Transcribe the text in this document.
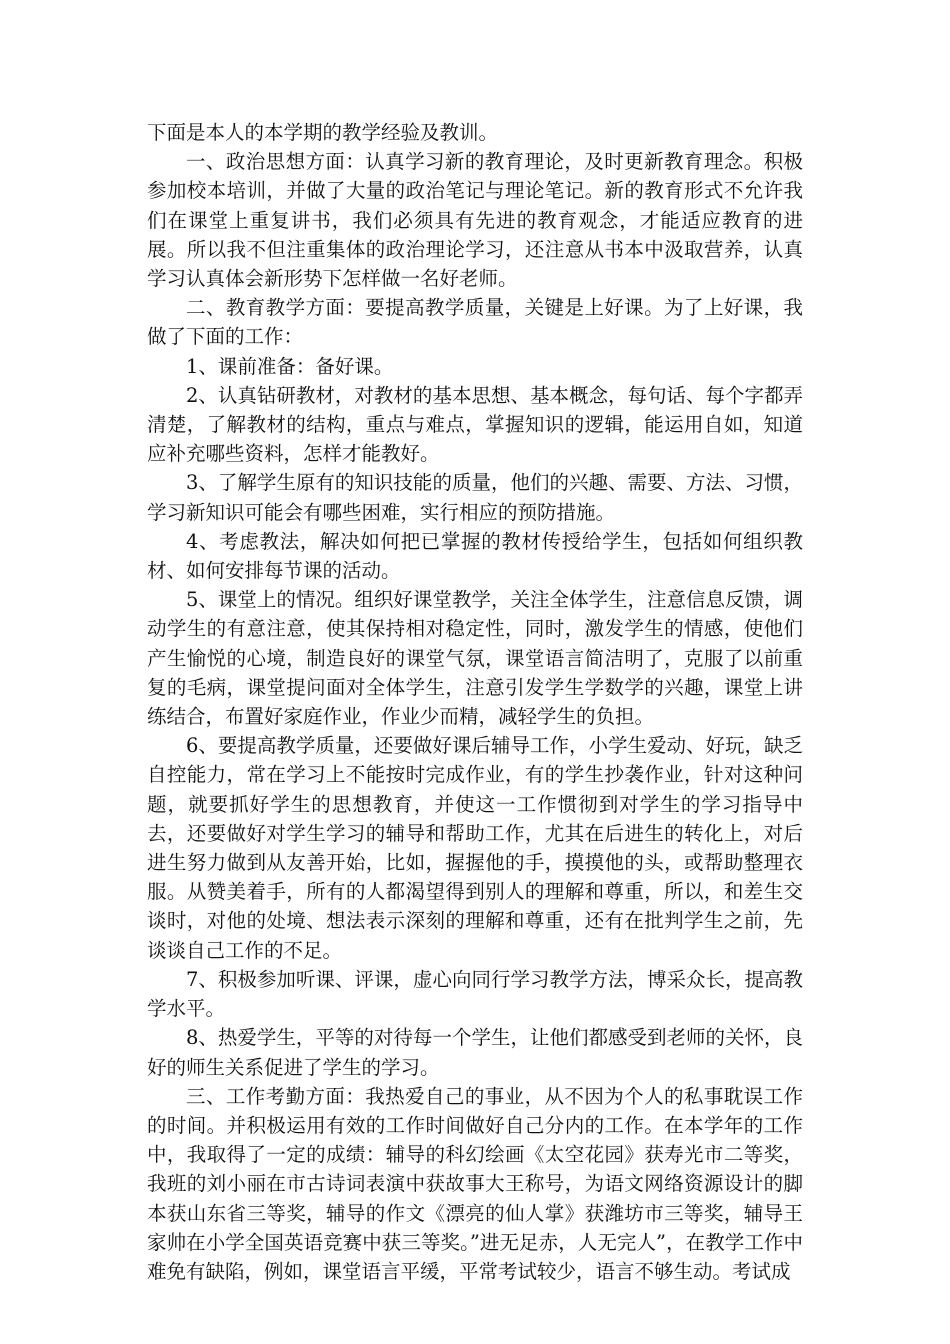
下面是本人的本学期的教学经验及教训。

一、政治思想方面：认真学习新的教育理论，及时更新教育理念。积极参加校本培训，并做了大量的政治笔记与理论笔记。新的教育形式不允许我们在课堂上重复讲书，我们必须具有先进的教育观念，才能适应教育的进展。所以我不但注重集体的政治理论学习，还注意从书本中汲取营养，认真学习认真体会新形势下怎样做一名好老师。

二、教育教学方面：要提高教学质量，关键是上好课。为了上好课，我做了下面的工作：

1、课前准备：备好课。

2、认真钻研教材，对教材的基本思想、基本概念，每句话、每个字都弄清楚，了解教材的结构，重点与难点，掌握知识的逻辑，能运用自如，知道应补充哪些资料，怎样才能教好。

3、了解学生原有的知识技能的质量，他们的兴趣、需要、方法、习惯，学习新知识可能会有哪些困难，实行相应的预防措施。

4、考虑教法，解决如何把已掌握的教材传授给学生，包括如何组织教材、如何安排每节课的活动。

5、课堂上的情况。组织好课堂教学，关注全体学生，注意信息反馈，调动学生的有意注意，使其保持相对稳定性，同时，激发学生的情感，使他们产生愉悦的心境，制造良好的课堂气氛，课堂语言简洁明了，克服了以前重复的毛病，课堂提问面对全体学生，注意引发学生学数学的兴趣，课堂上讲练结合，布置好家庭作业，作业少而精，减轻学生的负担。

6、要提高教学质量，还要做好课后辅导工作，小学生爱动、好玩，缺乏自控能力，常在学习上不能按时完成作业，有的学生抄袭作业，针对这种问题，就要抓好学生的思想教育，并使这一工作惯彻到对学生的学习指导中去，还要做好对学生学习的辅导和帮助工作，尤其在后进生的转化上，对后进生努力做到从友善开始，比如，握握他的手，摸摸他的头，或帮助整理衣服。从赞美着手，所有的人都渴望得到别人的理解和尊重，所以，和差生交谈时，对他的处境、想法表示深刻的理解和尊重，还有在批判学生之前，先谈谈自己工作的不足。

7、积极参加听课、评课，虚心向同行学习教学方法，博采众长，提高教学水平。

8、热爱学生，平等的对待每一个学生，让他们都感受到老师的关怀，良好的师生关系促进了学生的学习。

三、工作考勤方面：我热爱自己的事业，从不因为个人的私事耽误工作的时间。并积极运用有效的工作时间做好自己分内的工作。在本学年的工作中，我取得了一定的成绩：辅导的科幻绘画《太空花园》获寿光市二等奖，我班的刘小丽在市古诗词表演中获故事大王称号，为语文网络资源设计的脚本获山东省三等奖，辅导的作文《漂亮的仙人掌》获潍坊市三等奖，辅导王家帅在小学全国英语竞赛中获三等奖。”进无足赤，人无完人”，在教学工作中难免有缺陷，例如，课堂语言平缓，平常考试较少，语言不够生动。考试成
